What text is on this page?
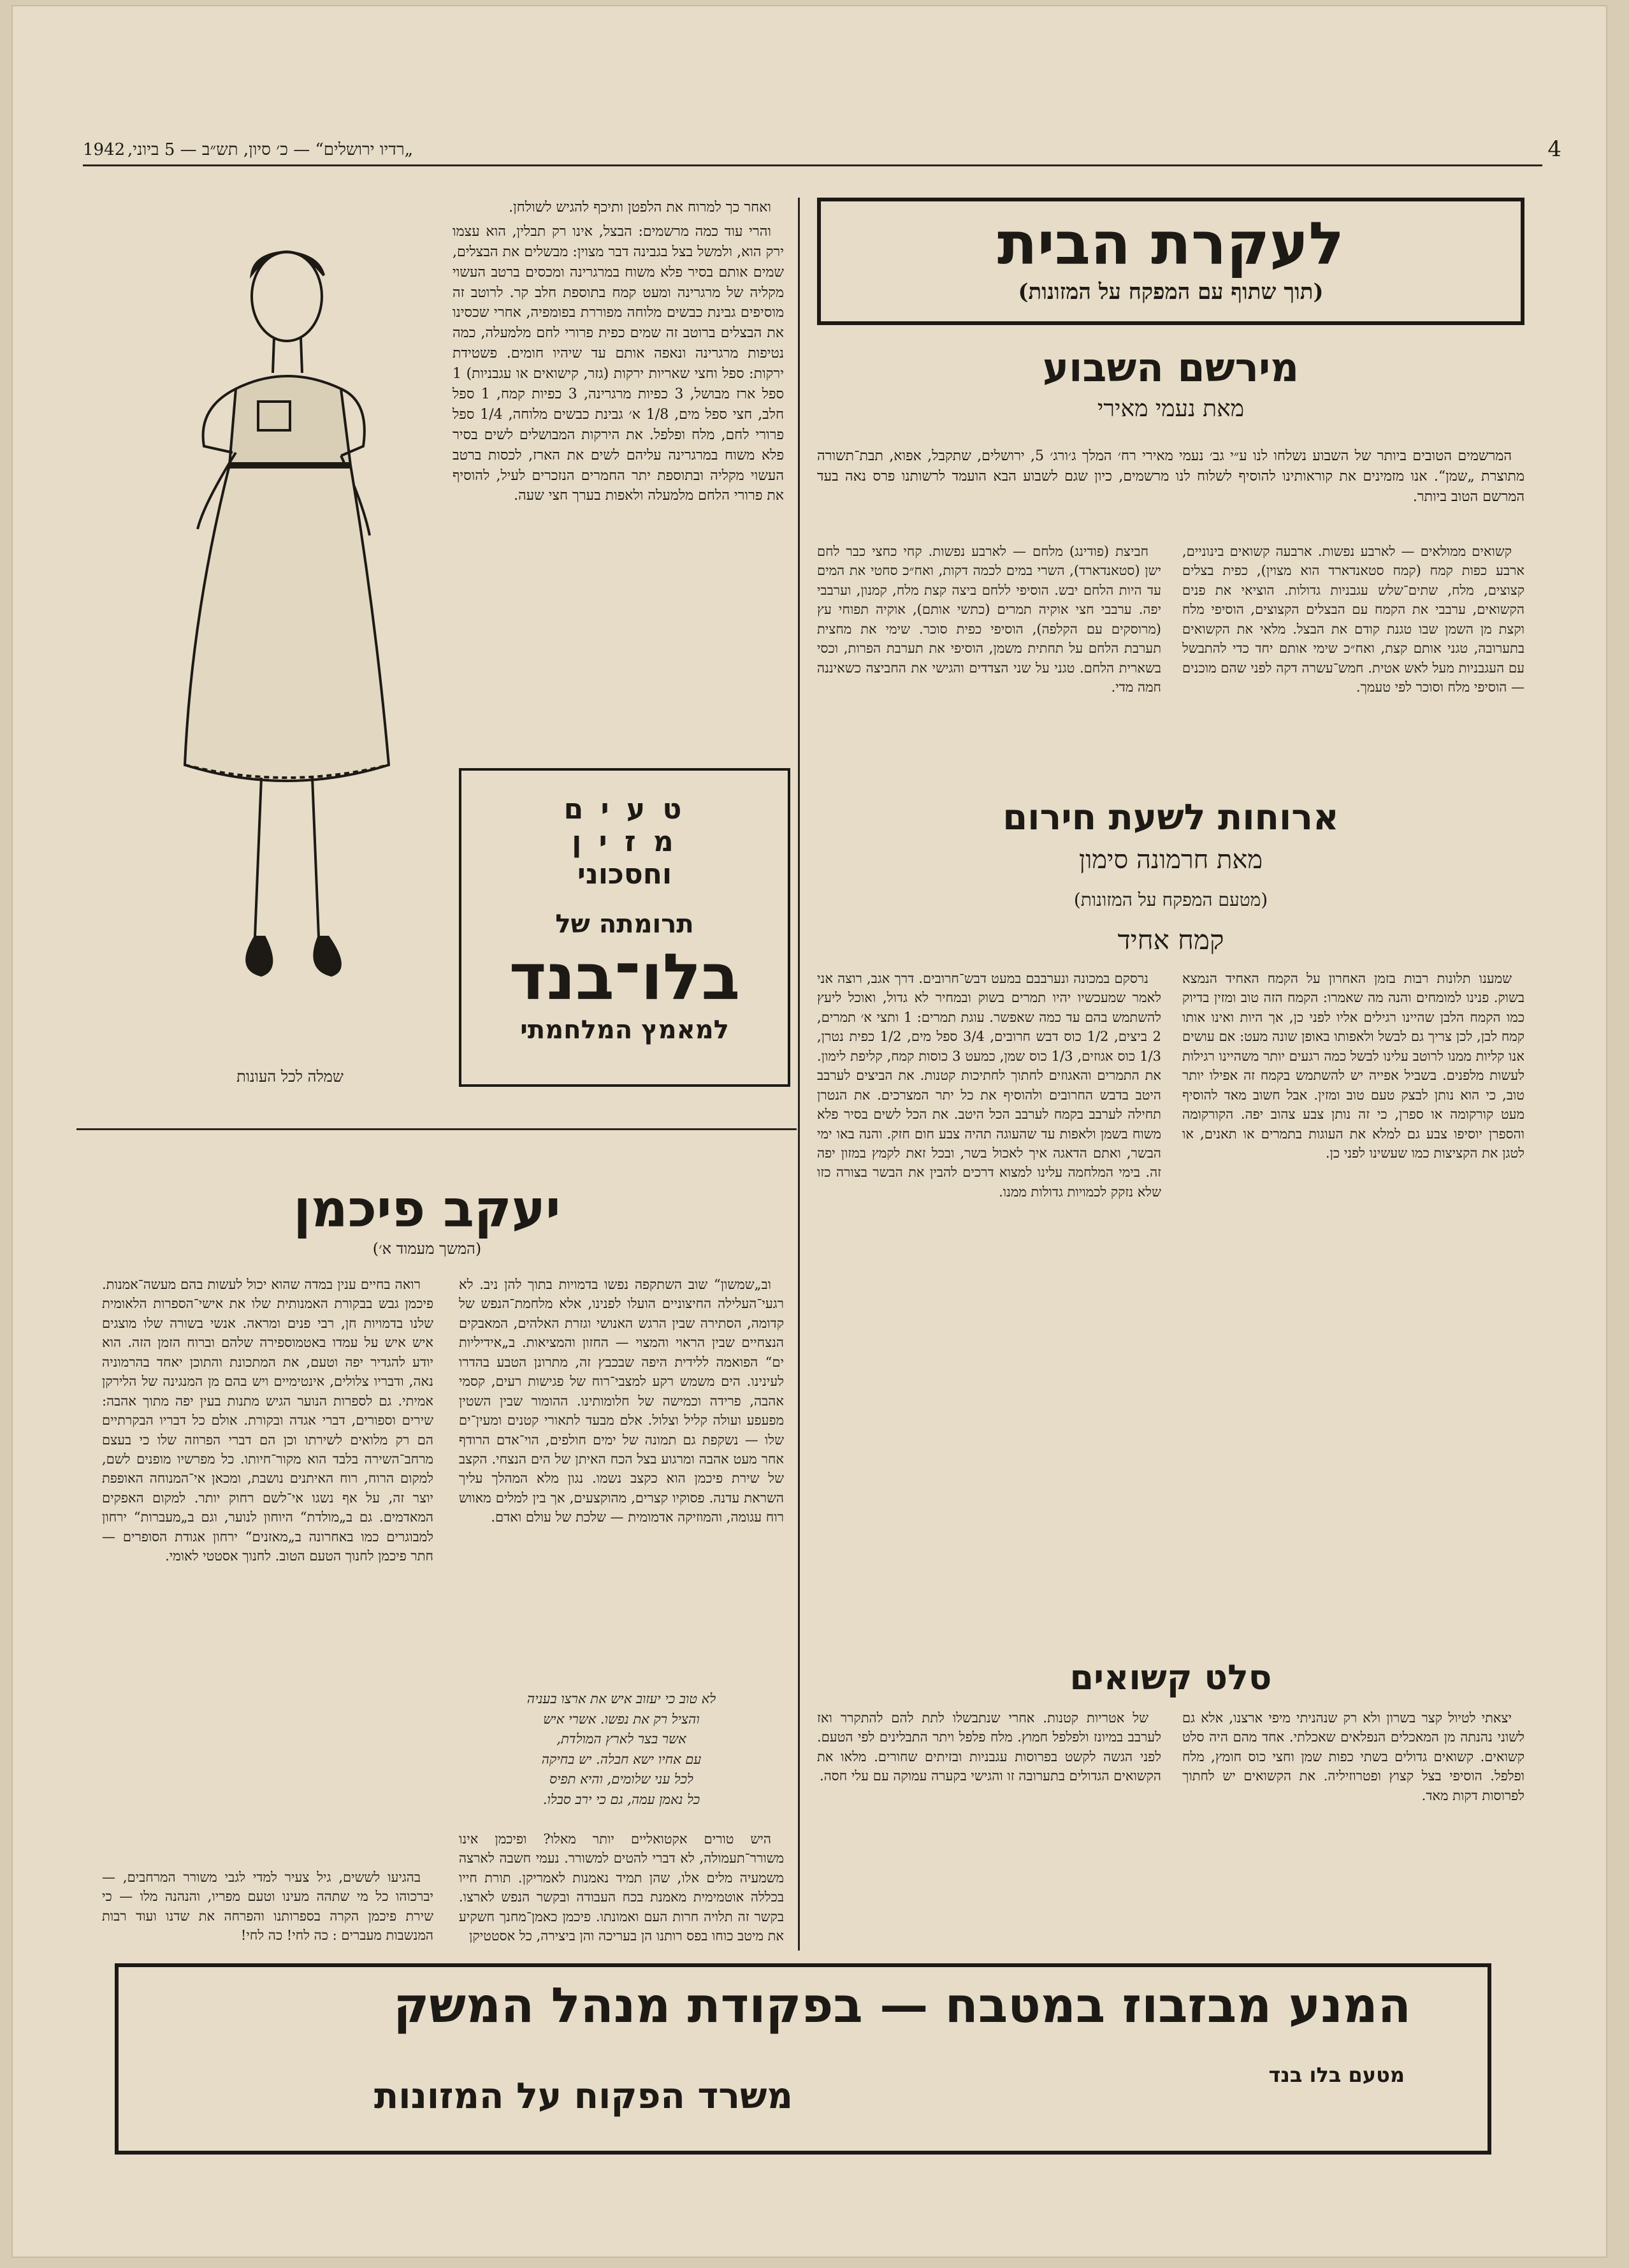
1942 „רדיו ירושלים“ — כ׳ סיון, תש״ב — 5 ביוני,	4
לעקרת הבית
(תוך שתוף עם המפקח על המזונות)
מירשם השבוע
מאת נעמי מאירי

המרשמים הטובים ביותר של השבוע נשלחו לנו ע״י גב׳ נעמי מאירי רח׳ המלך ג׳ורג׳ 5, ירושלים, שתקבל, אפוא, תבת־תשורה מתוצרת „שמן“. אנו מזמינים את קוראותינו להוסיף לשלוח לנו מרשמים, כיון שגם לשבוע הבא הועמד לרשותנו פרס נאה בעד המרשם הטוב ביותר.

קשואים ממולאים — לארבע נפשות. ארבעה קשואים בינוניים, ארבע כפות קמח (קמח סטאנדארד הוא מצוין), כפית בצלים קצוצים, מלח, שתים־שלש עגבניות גדולות. הוציאי את פנים הקשואים, ערבבי את הקמח עם הבצלים הקצוצים, הוסיפי מלח וקצת מן השמן שבו טגנת קודם את הבצל. מלאי את הקשואים בתערובה, טגני אותם קצת, ואח״כ שימי אותם יחד כדי להתבשל עם העגבניות מעל לאש אטית. חמש־עשרה דקה לפני שהם מוכנים — הוסיפי מלח וסוכר לפי טעמך.

חביצת (פודינג) מלחם — לארבע נפשות. קחי כחצי כבר לחם ישן (סטאנדארד), השרי במים לכמה דקות, ואח״כ סחטי את המים עד היות הלחם יבש. הוסיפי ללחם ביצה קצת מלח, קמנון, וערבבי יפה. ערבבי חצי אוקיה תמרים (כתשי אותם), אוקיה תפוחי עץ (מרוסקים עם הקלפה), הוסיפי כפית סוכר. שימי את מחצית תערבת הלחם על תחתית משמן, הוסיפי את תערבת הפרות, וכסי בשארית הלחם. טגני על שני הצדדים והגישי את החביצה כשאיננה חמה מדי.

ארוחות לשעת חירום
מאת חרמונה סימון
(מטעם המפקח על המזונות)
קמח אחיד

שמענו תלונות רבות בזמן האחרון על הקמח האחיד הנמצא בשוק. פנינו למומחים והנה מה שאמרו: הקמח הזה טוב ומזין בדיוק כמו הקמח הלבן שהיינו רגילים אליו לפני כן, אך היות ואינו אותו קמח לבן, לכן צריך גם לבשל ולאפותו באופן שונה מעט: אם עושים אנו קליות ממנו לרוטב עלינו לבשל כמה רגעים יותר משהיינו רגילות לעשות מלפנים. בשביל אפייה יש להשתמש בקמח זה אפילו יותר טוב, כי הוא נותן לבצק טעם טוב ומזין. אבל חשוב מאד להוסיף מעט קורקומה או ספרן, כי זה נותן צבע צהוב יפה. הקורקומה והספרן יוסיפו צבע גם למלא את העוגות בתמרים או תאנים, או לטגן את הקציצות כמו שעשינו לפני כן.

נרסקם במכונה ונערבבם במעט דבש־חרובים. דרך אגב, רוצה אני לאמר שמעכשיו יהיו תמרים בשוק ובמחיר לא גדול, ואוכל ליעץ להשתמש בהם עד כמה שאפשר. עוגת תמרים: 1 ותצי א׳ תמרים, 2 ביצים, 1/2 כוס דבש חרובים, 3/4 ספל מים, 1/2 כפית נטרן, 1/3 כוס אגוזים, 1/3 כוס שמן, כמעט 3 כוסות קמח, קליפת לימון. את התמרים והאגוזים לחתוך לחתיכות קטנות. את הביצים לערבב היטב בדבש החרובים ולהוסיף את כל יתר המצרכים. את הנטרן תחילה לערבב בקמח לערבב הכל היטב. את הכל לשים בסיר פלא משוח בשמן ולאפות עד שהעוגה תהיה צבע חום חזק. והנה באו ימי הבשר, ואתם הדאגה איך לאכול בשר, ובכל זאת לקמץ במזון יפה זה. בימי המלחמה עלינו למצוא דרכים להבין את הבשר בצורה כזו שלא נזקק לכמויות גדולות ממנו.

סלט קשואים

יצאתי לטיול קצר בשרון ולא רק שנהניתי מיפי ארצנו, אלא גם לשוני נהנתה מן המאכלים הנפלאים שאכלתי. אחד מהם היה סלט קשואים. קשואים גדולים בשתי כפות שמן וחצי כוס חומץ, מלח ופלפל. הוסיפי בצל קצוץ ופטרוזיליה. את הקשואים יש לחתוך לפרוסות דקות מאד.

של אטריות קטנות. אחרי שנתבשלו לתת להם להתקרר ואז לערבב במיונז ולפלפל חמוץ. מלח פלפל ויתר התבלינים לפי הטעם. לפני הגשה לקשט בפרוסות עגבניות ובזיתים שחורים. מלאו את הקשואים הגדולים בתערובה זו והגישי בקערה עמוקה עם עלי חסה.

שמלה לכל העונות

ואחר כך למרוח את הלפטן ותיכף להגיש לשולחן.

והרי עוד כמה מרשמים: הבצל, אינו רק תבלין, הוא עצמו ירק הוא, ולמשל בצל בגבינה דבר מצוין: מבשלים את הבצלים, שמים אותם בסיר פלא משוח במרגרינה ומכסים ברטב העשוי מקליה של מרגרינה ומעט קמח בתוספת חלב קר. לרוטב זה מוסיפים גבינת כבשים מלוחה מפוררת בפומפיה, אחרי שכסינו את הבצלים ברוטב זה שמים כפית פרורי לחם מלמעלה, כמה נטיפות מרגרינה ונאפה אותם עד שיהיו חומים. פשטידת ירקות: ספל וחצי שאריות ירקות (גזר, קישואים או עגבניות) 1 ספל ארז מבושל, 3 כפיות מרגרינה, 3 כפיות קמח, 1 ספל חלב, חצי ספל מים, 1/8 א׳ גבינת כבשים מלוחה, 1/4 ספל פרורי לחם, מלח ופלפל. את הירקות המבושלים לשים בסיר פלא משוח במרגרינה עליהם לשים את הארז, לכסות ברטב העשוי מקליה ובתוספת יתר החמרים הנזכרים לעיל, להוסיף את פרורי הלחם מלמעלה ולאפות בערך חצי שעה.

ט ע י ם
מ ז י ן
וחסכוני
תרומתה של
בלו־בנד
למאמץ המלחמתי
יעקב פיכמן
(המשך מעמוד א׳)

וב„שמשון“ שוב השתקפה נפשו בדמויות בתוך להן ניב. לא רגעי־העלילה החיצוניים הועלו לפנינו, אלא מלחמת־הנפש של קדומה, הסתירה שבין הרגש האנושי וגזרת האלהים, המאבקים הנצחיים שבין הראוי והמצוי — החזון והמציאות. ב„אידיליות ים“ הפואמה ללידית היפה שבכבץ זה, מתרונן הטבע בהדרו לעינינו. הים משמש רקע למצבי־רוח של פגישות רעים, קסמי אהבה, פרידה וכמישה של חלומותינו. ההומור שבין השטין מפעפע ועולה קליל וצלול. אלם מבעד לתאורי קטנים ומעין־ים שלו — נשקפת גם תמונה של ימים חולפים, הוי־אדם הרודף אחר מעט אהבה ומרגוע בצל הכח האיתן של הים הנצחי. הקצב של שירת פיכמן הוא כקצב נשמו. נגון מלא המהלך עליך השראת עדנה. פסוקיו קצרים, מהוקצעים, אך בין למלים מאווש רוח עגומה, והמוזיקה אדמומית — שלכת של עולם ואדם.

רואה בחיים ענין במדה שהוא יכול לעשות בהם מעשה־אמנות. פיכמן גבש בבקורת האמנותית שלו את אישי־הספרות הלאומית שלנו בדמויות חן, רבי פנים ומראה. אנשי בשורה שלו מוצגים איש איש על עמדו באטמוספירה שלהם וברוח הזמן הזה. הוא יודע להגדיר יפה וטעם, את המתכונת והתוכן יאחד בהרמוניה נאה, ודבריו צלולים, אינטימיים ויש בהם מן המנגינה של הלירקן אמיתי. גם לספרות הנוער הגיש מתנות בעין יפה מתוך אהבה: שירים וספורים, דברי אגדה ובקורת. אולם כל דבריו הבקרתיים הם רק מלואים לשירתו וכן הם דברי הפרוזה שלו כי בעצם מרחב־השירה בלבד הוא מקור־חיותו. כל מפרשיו מופנים לשם, למקום הרוח, רוח האיתנים נושבת, ומכאן אי־המנוחה האופפת יוצר זה, על אף נשגו אי־לשם רחוק יותר. למקום האפקים המאדמים. גם ב„מולדת“ היוחון לנוער, וגם ב„מעברות“ ירחון למבוגרים כמו באחרונה ב„מאזנים“ ירחון אגודת הסופרים — חתר פיכמן לחנוך הטעם הטוב. לחנוך אסטטי לאומי.

לא טוב כי יעזוב איש את ארצו בעניה
והציל רק את נפשו. אשרי איש
אשר בצר לארץ המולדת,
עם אחיו ישא חבלה. יש בחיקה
לכל עני שלומים, והיא תפיס
כל נאמן עמה, גם כי ירב סבלו.

היש טורים אקטואליים יותר מאלו? ופיכמן אינו משורר־תעמולה, לא דברי להטים למשורר. נעמי חשבה לארצה משמעיה מלים אלו, שהן תמיד נאמנות לאמריקן. תורת חייו בכללה אוטמימית מאמנת בכח העבודה ובקשר הנפש לארצו. בקשר זה תלויה חרות העם ואמונתו. פיכמן כאמן־מחנך חשקיע את מיטב כוחו בפס רותנו הן בעריכה והן ביצירה, כל אסטטיקן

בהגיעו לששים, גיל צעיר למדי לגבי משורר המרחבים, — יברכוהו כל מי שתהה מעינו וטעם מפריו, והנהנה מלו — כי שירת פיכמן הקרה בספרותנו והפרחה את שדנו ועוד רבות המנשבות מעברים : כה לחי! כה לחי!

המנע מבזבוז במטבח — בפקודת מנהל המשק
משרד הפקוח על המזונות
מטעם בלו בנד
